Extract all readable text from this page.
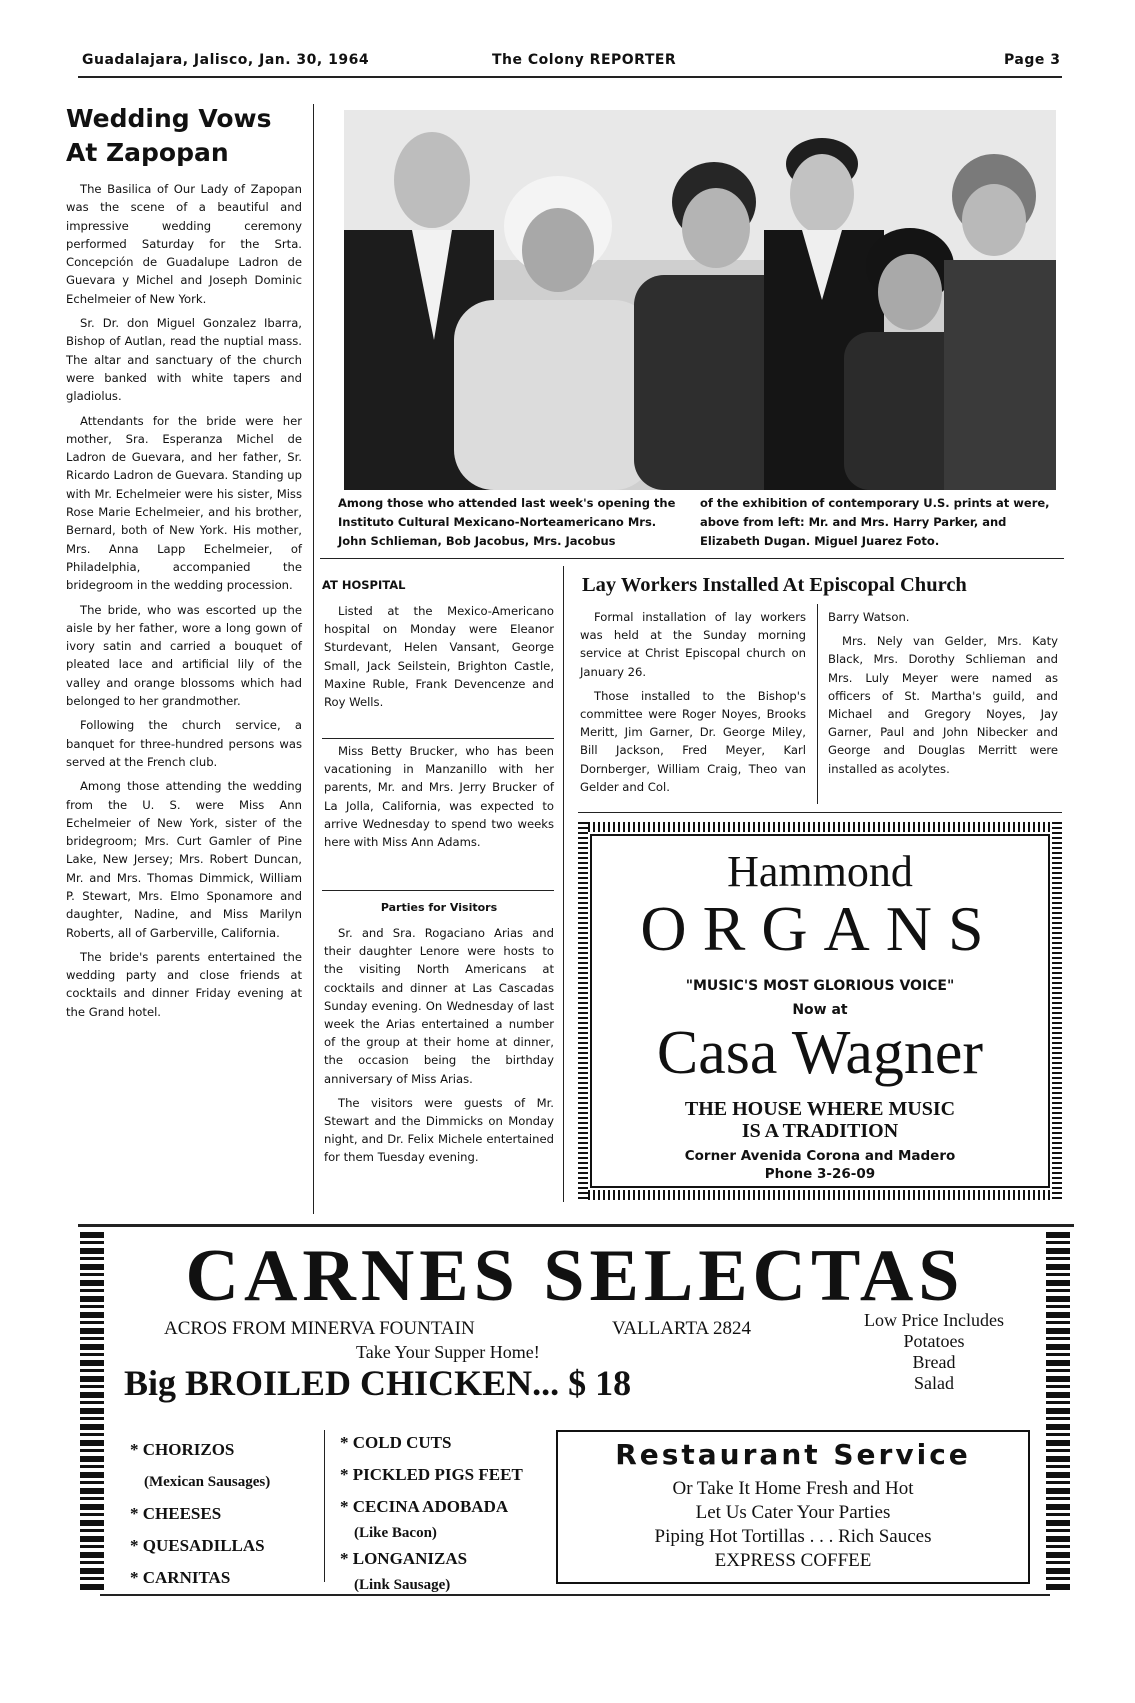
Guadalajara, Jalisco, Jan. 30, 1964	The Colony REPORTER	Page 3
Wedding Vows
At Zapopan

The Basilica of Our Lady of Zapopan was the scene of a beautiful and impressive wedding ceremony performed Saturday for the Srta. Concepción de Guadalupe Ladron de Guevara y Michel and Joseph Dominic Echelmeier of New York.

Sr. Dr. don Miguel Gonzalez Ibarra, Bishop of Autlan, read the nuptial mass. The altar and sanctuary of the church were banked with white tapers and gladiolus.

Attendants for the bride were her mother, Sra. Esperanza Michel de Ladron de Guevara, and her father, Sr. Ricardo Ladron de Guevara. Standing up with Mr. Echelmeier were his sister, Miss Rose Marie Echelmeier, and his brother, Bernard, both of New York. His mother, Mrs. Anna Lapp Echelmeier, of Philadelphia, accompanied the bridegroom in the wedding procession.

The bride, who was escorted up the aisle by her father, wore a long gown of ivory satin and carried a bouquet of pleated lace and artificial lily of the valley and orange blossoms which had belonged to her grandmother.

Following the church service, a banquet for three-hundred persons was served at the French club.

Among those attending the wedding from the U. S. were Miss Ann Echelmeier of New York, sister of the bridegroom; Mrs. Curt Gamler of Pine Lake, New Jersey; Mrs. Robert Duncan, Mr. and Mrs. Thomas Dimmick, William P. Stewart, Mrs. Elmo Sponamore and daughter, Nadine, and Miss Marilyn Roberts, all of Garberville, California.

The bride's parents entertained the wedding party and close friends at cocktails and dinner Friday evening at the Grand hotel.

Among those who attended last week's opening the Instituto Cultural Mexicano-Norteamericano Mrs. John Schlieman, Bob Jacobus, Mrs. Jacobus
of the exhibition of contemporary U.S. prints at were, above from left: Mr. and Mrs. Harry Parker, and Elizabeth Dugan. Miguel Juarez Foto.
AT HOSPITAL

Listed at the Mexico-Americano hospital on Monday were Eleanor Sturdevant, Helen Vansant, George Small, Jack Seilstein, Brighton Castle, Maxine Ruble, Frank Devencenze and Roy Wells.

Miss Betty Brucker, who has been vacationing in Manzanillo with her parents, Mr. and Mrs. Jerry Brucker of La Jolla, California, was expected to arrive Wednesday to spend two weeks here with Miss Ann Adams.

Parties for Visitors

Sr. and Sra. Rogaciano Arias and their daughter Lenore were hosts to the visiting North Americans at cocktails and dinner at Las Cascadas Sunday evening. On Wednesday of last week the Arias entertained a number of the group at their home at dinner, the occasion being the birthday anniversary of Miss Arias.

The visitors were guests of Mr. Stewart and the Dimmicks on Monday night, and Dr. Felix Michele entertained for them Tuesday evening.

Lay Workers Installed At Episcopal Church

Formal installation of lay workers was held at the Sunday morning service at Christ Episcopal church on January 26.

Those installed to the Bishop's committee were Roger Noyes, Brooks Meritt, Jim Garner, Dr. George Miley, Bill Jackson, Fred Meyer, Karl Dornberger, William Craig, Theo van Gelder and Col.

Barry Watson.

Mrs. Nely van Gelder, Mrs. Katy Black, Mrs. Dorothy Schlieman and Mrs. Luly Meyer were named as officers of St. Martha's guild, and Michael and Gregory Noyes, Jay Garner, Paul and John Nibecker and George and Douglas Merritt were installed as acolytes.

Hammond
ORGANS
"MUSIC'S MOST GLORIOUS VOICE"
Now at
Casa Wagner
THE HOUSE WHERE MUSIC
IS A TRADITION
Corner Avenida Corona and Madero
Phone 3-26-09
CARNES SELECTAS
ACROS FROM MINERVA FOUNTAIN	VALLARTA 2824
Take Your Supper Home!
Big BROILED CHICKEN... $ 18
Low Price Includes
Potatoes
Bread
Salad
* CHORIZOS
(Mexican Sausages)
* CHEESES
* QUESADILLAS
* CARNITAS
* COLD CUTS
* PICKLED PIGS FEET
* CECINA ADOBADA
(Like Bacon)
* LONGANIZAS
(Link Sausage)
Restaurant Service
Or Take It Home Fresh and Hot
Let Us Cater Your Parties
Piping Hot Tortillas . . . Rich Sauces
EXPRESS COFFEE
